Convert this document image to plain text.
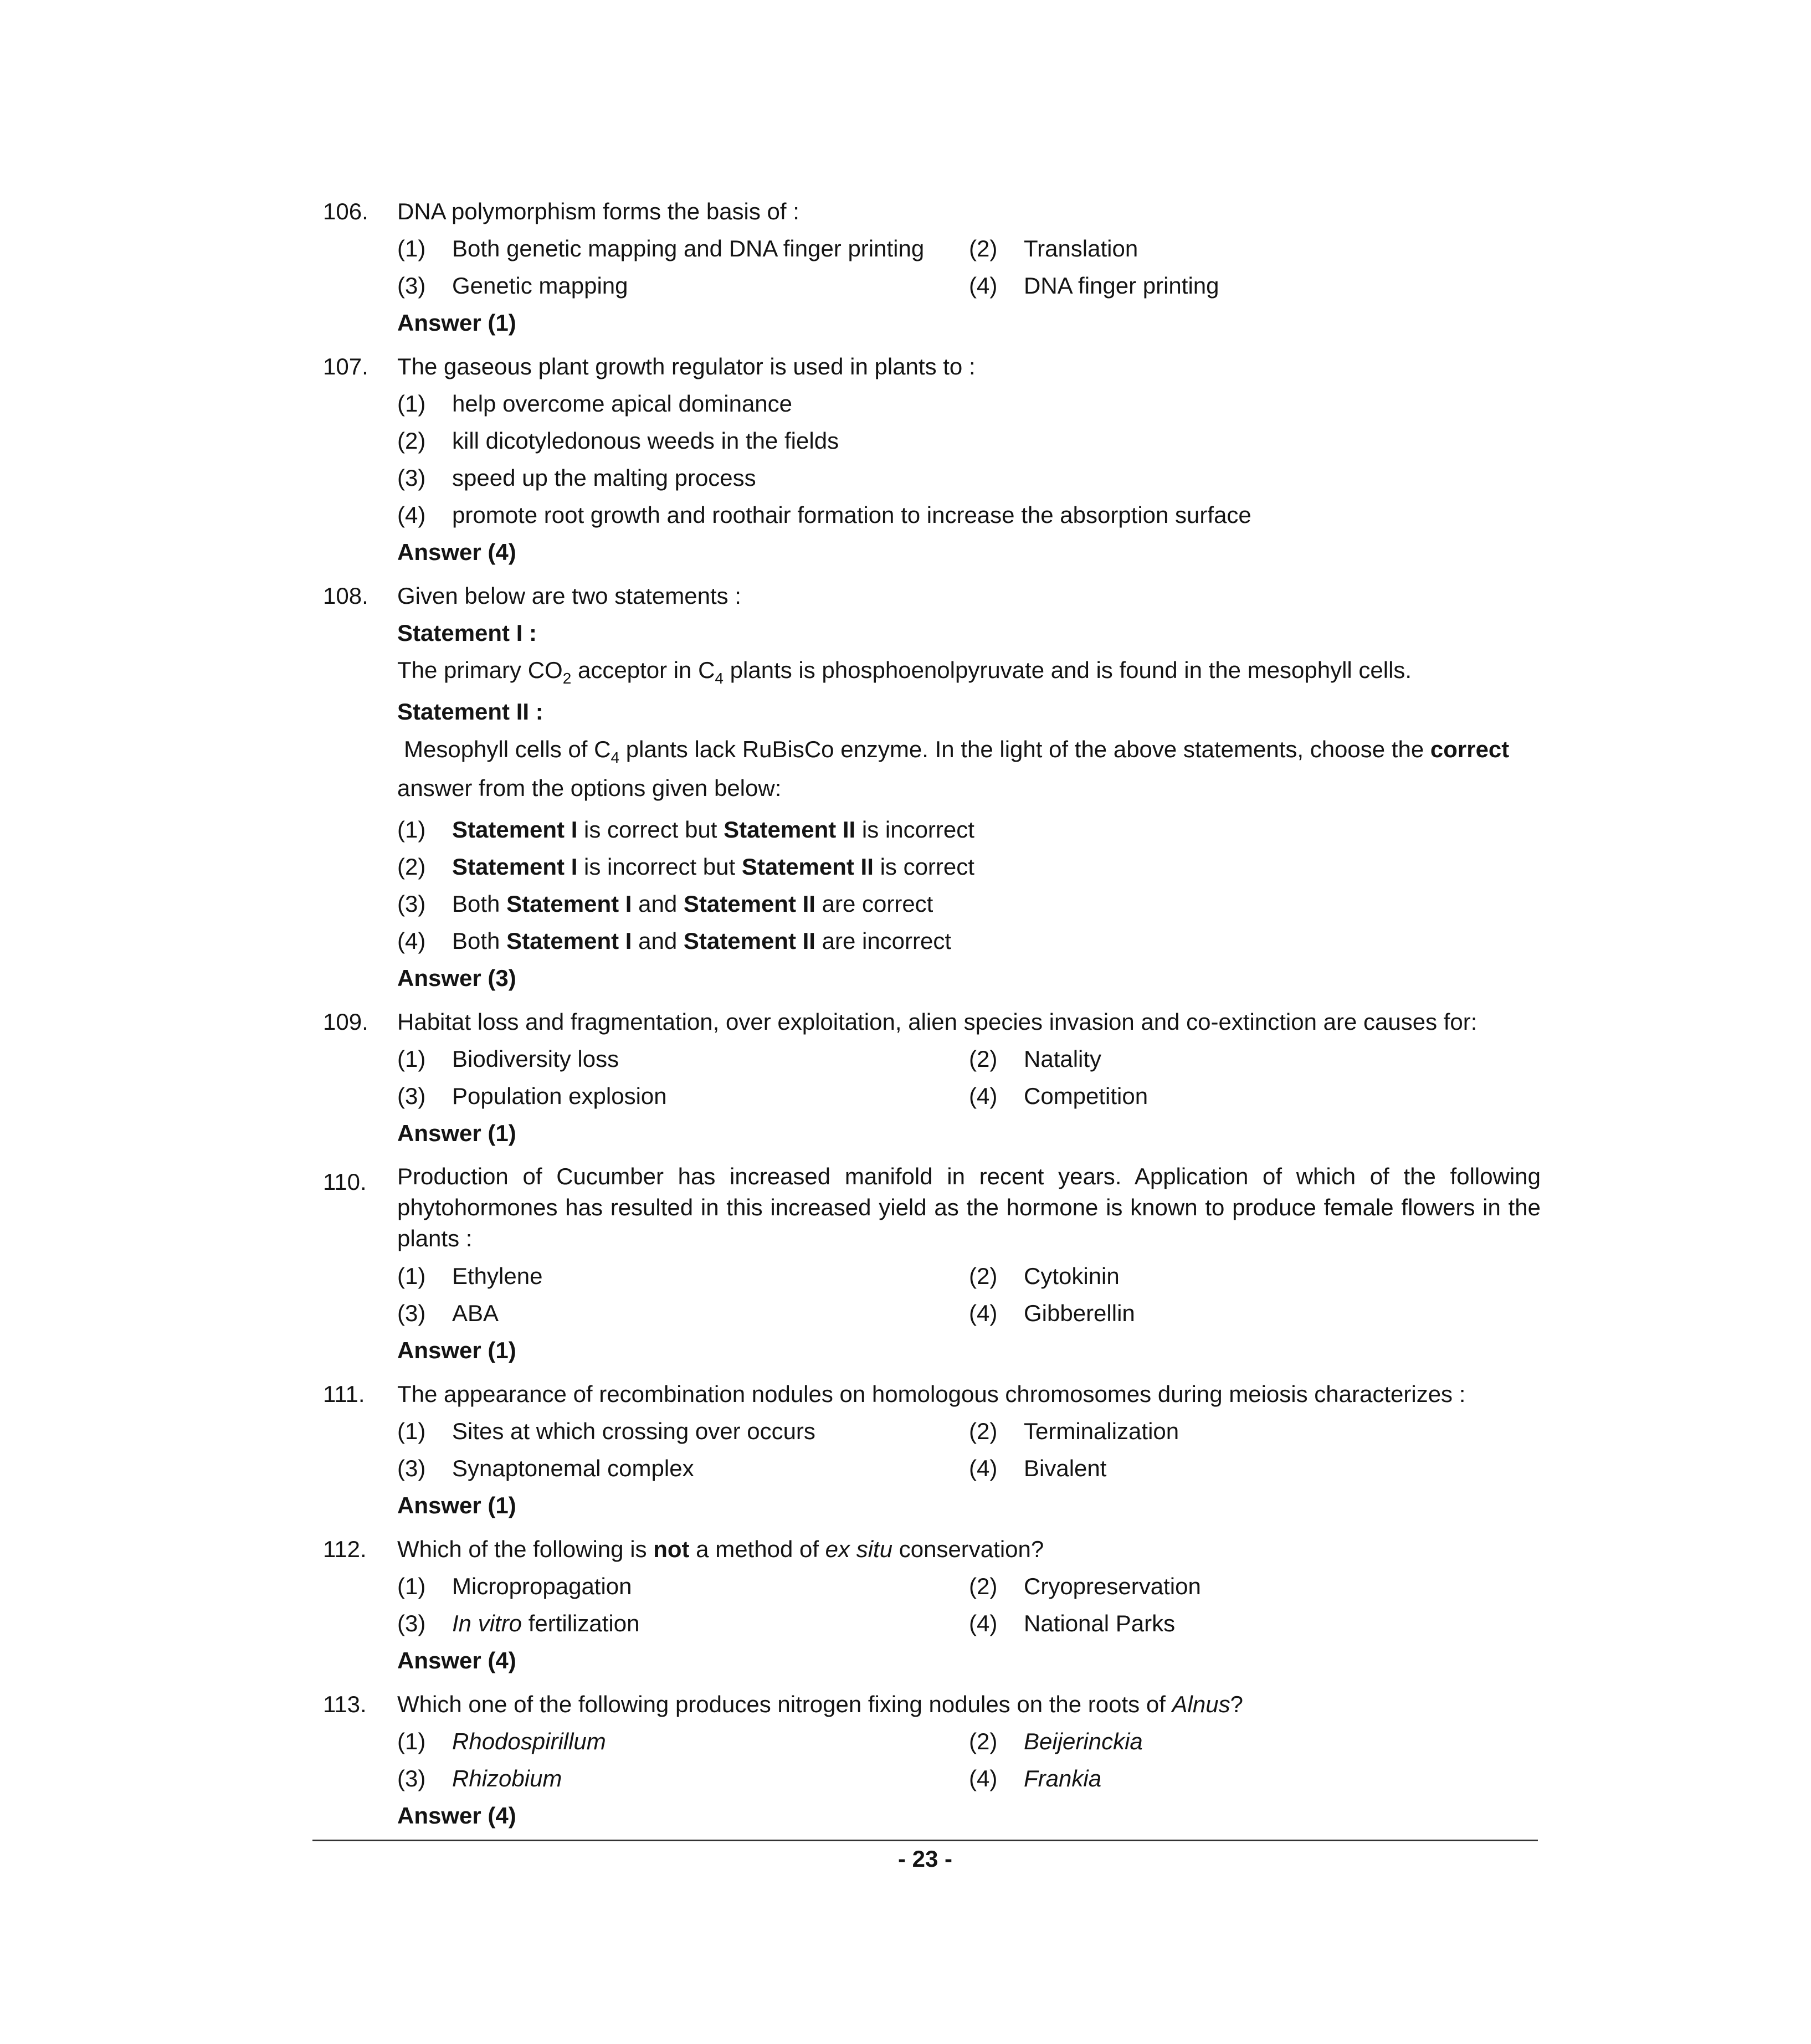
106.	DNA polymorphism forms the basis of :
(1)	Both genetic mapping and DNA finger printing (2)	Translation
(3)	Genetic mapping	(4)	DNA finger printing
Answer (1)
107.	The gaseous plant growth regulator is used in plants to :
(1)	help overcome apical dominance
(2)	kill dicotyledonous weeds in the fields
(3)	speed up the malting process
(4)	promote root growth and roothair formation to increase the absorption surface
Answer (4)
108.	Given below are two statements :
Statement I :
The primary $CO_2$ acceptor in $C_4$ plants is phosphoenolpyruvate and is found in the mesophyll cells.
Statement II :
Mesophyll cells of $C_4$ plants lack RuBisCo enzyme. In the light of the above statements, choose the correct answer from the options given below:
(1)	Statement I is correct but Statement II is incorrect
(2)	Statement I is incorrect but Statement II is correct
(3)	Both Statement I and Statement II are correct
(4)	Both Statement I and Statement II are incorrect
Answer (3)
109.	Habitat loss and fragmentation, over exploitation, alien species invasion and co-extinction are causes for:
(1)	Biodiversity loss	(2)	Natality
(3)	Population explosion	(4)	Competition
Answer (1)
110.	Production of Cucumber has increased manifold in recent years. Application of which of the following phytohormones has resulted in this increased yield as the hormone is known to produce female flowers in the plants :
(1)	Ethylene	(2)	Cytokinin
(3)	ABA	(4)	Gibberellin
Answer (1)
111.	The appearance of recombination nodules on homologous chromosomes during meiosis characterizes :
(1)	Sites at which crossing over occurs	(2)	Terminalization
(3)	Synaptonemal complex	(4)	Bivalent
Answer (1)
112.	Which of the following is not a method of ex situ conservation?
(1)	Micropropagation	(2)	Cryopreservation
(3)	In vitro fertilization	(4)	National Parks
Answer (4)
113.	Which one of the following produces nitrogen fixing nodules on the roots of Alnus?
(1)	Rhodospirillum	(2)	Beijerinckia
(3)	Rhizobium	(4)	Frankia
Answer (4)
- 23 -
